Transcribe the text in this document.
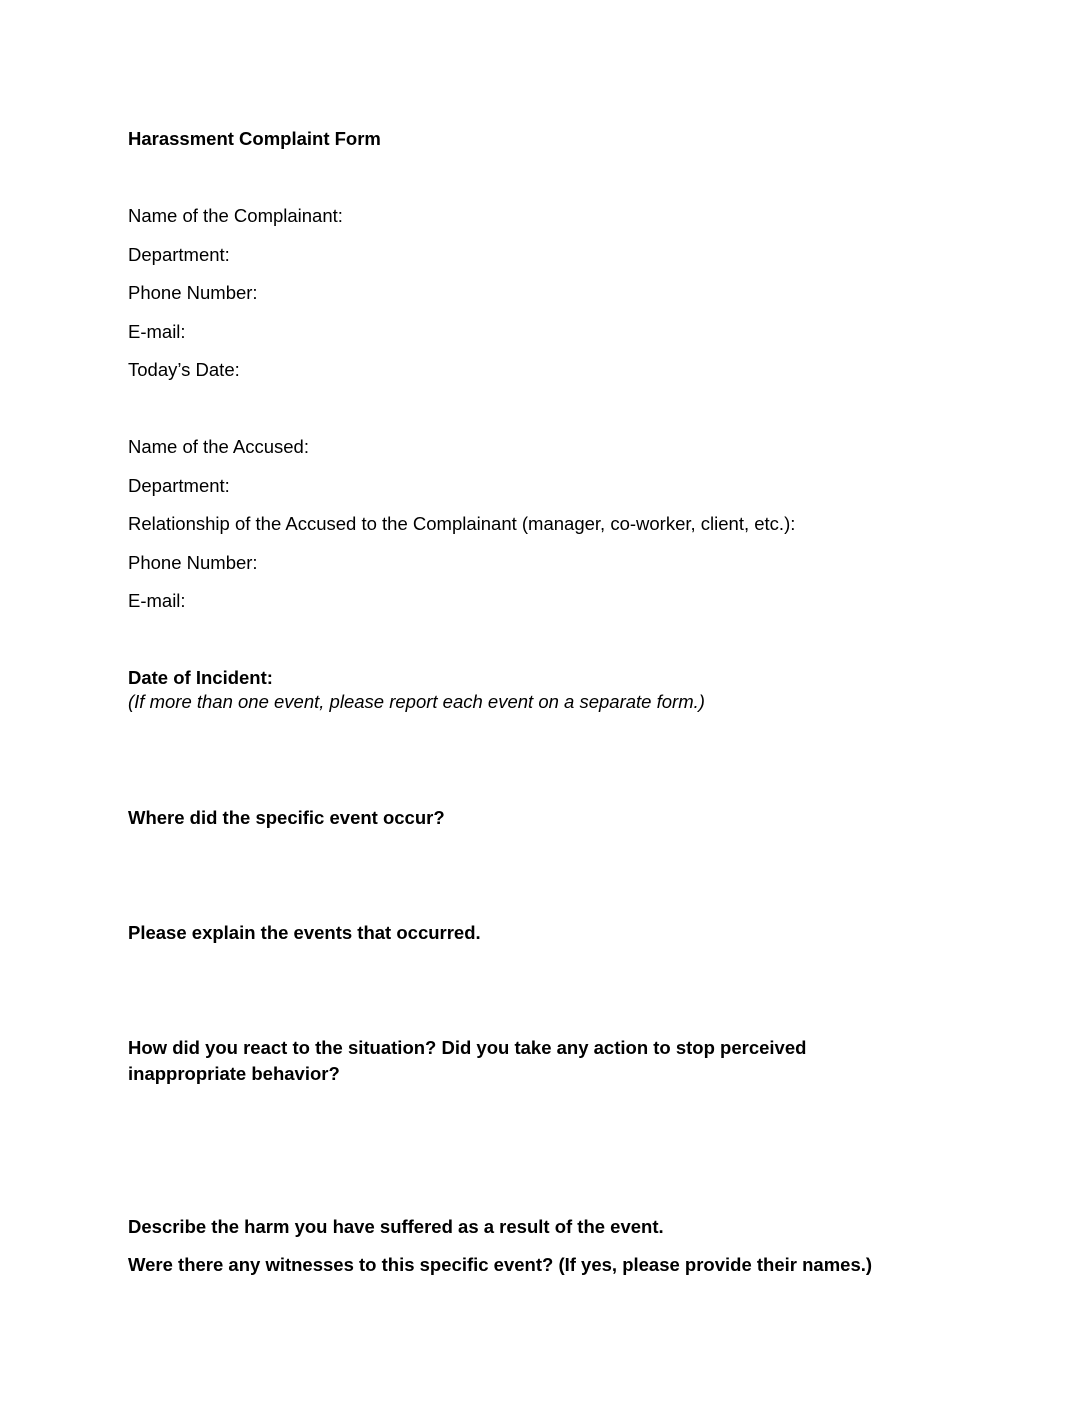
Harassment Complaint Form
Name of the Complainant:
Department:
Phone Number:
E-mail:
Today’s Date:
Name of the Accused:
Department:
Relationship of the Accused to the Complainant (manager, co-worker, client, etc.):
Phone Number:
E-mail:
Date of Incident:
(If more than one event, please report each event on a separate form.)
Where did the specific event occur?
Please explain the events that occurred.
How did you react to the situation? Did you take any action to stop perceived
inappropriate behavior?
Describe the harm you have suffered as a result of the event.
Were there any witnesses to this specific event? (If yes, please provide their names.)
